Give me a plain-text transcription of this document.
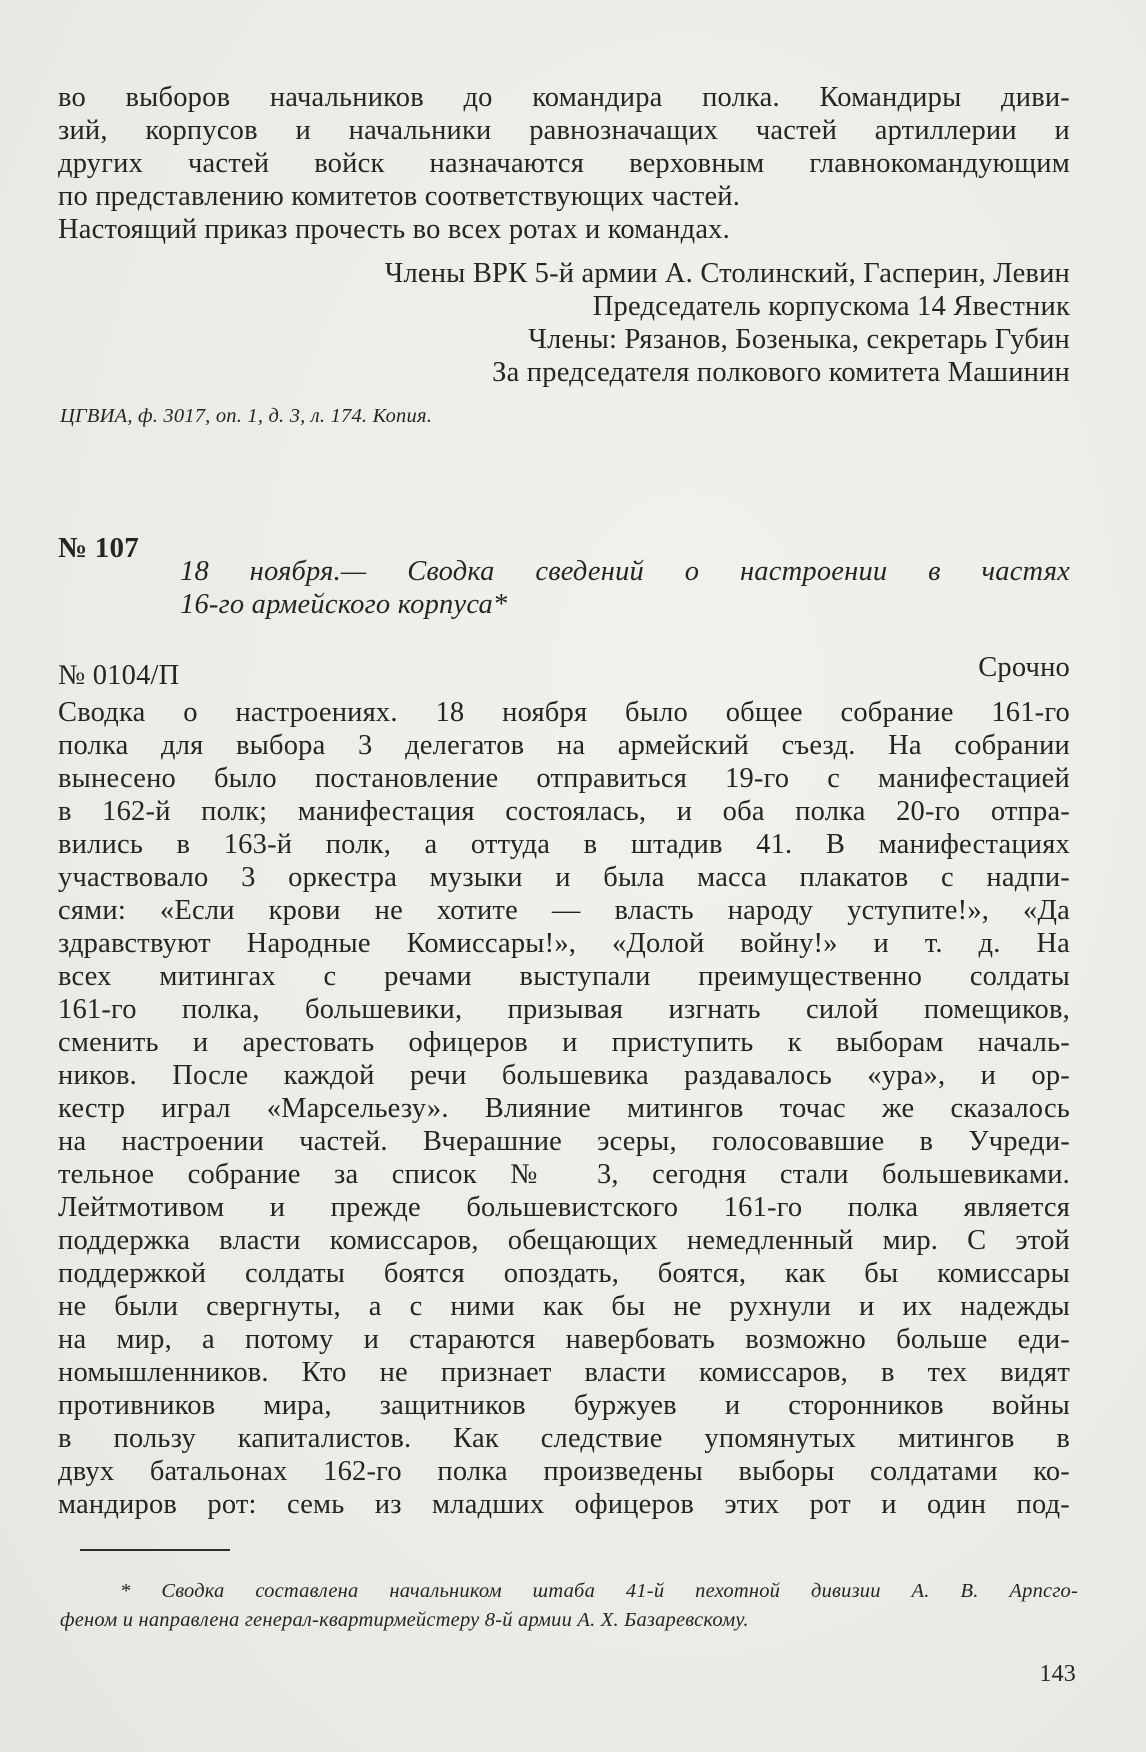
во выборов начальников до командира полка. Командиры диви-
зий, корпусов и начальники равнозначащих частей артиллерии и
других частей войск назначаются верховным главнокомандующим
по представлению комитетов соответствующих частей.
Настоящий приказ прочесть во всех ротах и командах.
Члены ВРК 5-й армии А. Столинский, Гасперин, Левин
Председатель корпускома 14 Явестник
Члены: Рязанов, Бозеныка, секретарь Губин
За председателя полкового комитета Машинин
ЦГВИА, ф. 3017, оп. 1, д. 3, л. 174. Копия.
№ 107
18 ноября.— Сводка сведений о настроении в частях
16-го армейского корпуса*
№ 0104/П	Срочно
Сводка о настроениях. 18 ноября было общее собрание 161-го
полка для выбора 3 делегатов на армейский съезд. На собрании
вынесено было постановление отправиться 19-го с манифестацией
в 162-й полк; манифестация состоялась, и оба полка 20-го отпра-
вились в 163-й полк, а оттуда в штадив 41. В манифестациях
участвовало 3 оркестра музыки и была масса плакатов с надпи-
сями: «Если крови не хотите — власть народу уступите!», «Да
здравствуют Народные Комиссары!», «Долой войну!» и т. д. На
всех митингах с речами выступали преимущественно солдаты
161-го полка, большевики, призывая изгнать силой помещиков,
сменить и арестовать офицеров и приступить к выборам началь-
ников. После каждой речи большевика раздавалось «ура», и ор-
кестр играл «Марсельезу». Влияние митингов точас же сказалось
на настроении частей. Вчерашние эсеры, голосовавшие в Учреди-
тельное собрание за список № 3, сегодня стали большевиками.
Лейтмотивом и прежде большевистского 161-го полка является
поддержка власти комиссаров, обещающих немедленный мир. С этой
поддержкой солдаты боятся опоздать, боятся, как бы комиссары
не были свергнуты, а с ними как бы не рухнули и их надежды
на мир, а потому и стараются навербовать возможно больше еди-
номышленников. Кто не признает власти комиссаров, в тех видят
противников мира, защитников буржуев и сторонников войны
в пользу капиталистов. Как следствие упомянутых митингов в
двух батальонах 162-го полка произведены выборы солдатами ко-
мандиров рот: семь из младших офицеров этих рот и один под-
* Сводка составлена начальником штаба 41-й пехотной дивизии А. В. Арпсго-
феном и направлена генерал-квартирмейстеру 8-й армии А. Х. Базаревскому.
143
